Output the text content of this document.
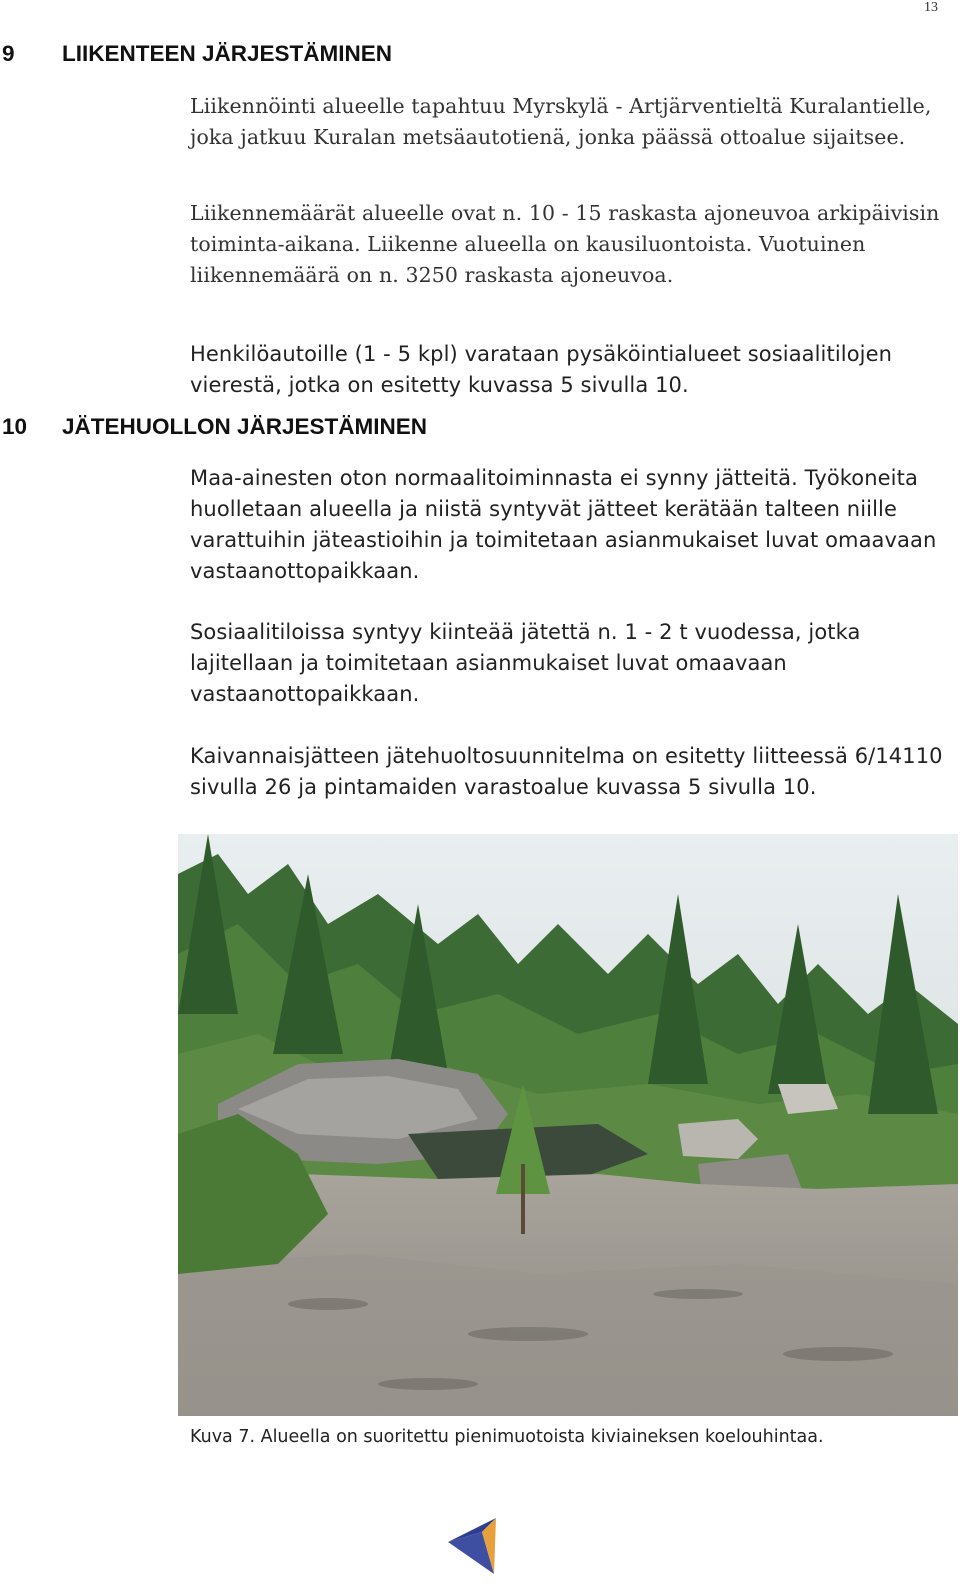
13
9 LIIKENTEEN JÄRJESTÄMINEN

Liikennöinti alueelle tapahtuu Myrskylä - Artjärventieltä Kuralantielle, joka jatkuu Kuralan metsäautotienä, jonka päässä ottoalue sijaitsee.

Liikennemäärät alueelle ovat n. 10 - 15 raskasta ajoneuvoa arkipäivisin toiminta-aikana. Liikenne alueella on kausiluontoista. Vuotuinen liikennemäärä on n. 3250 raskasta ajoneuvoa.

Henkilöautoille (1 - 5 kpl) varataan pysäköintialueet sosiaalitilojen vierestä, jotka on esitetty kuvassa 5 sivulla 10.

10 JÄTEHUOLLON JÄRJESTÄMINEN

Maa-ainesten oton normaalitoiminnasta ei synny jätteitä. Työkoneita huolletaan alueella ja niistä syntyvät jätteet kerätään talteen niille varattuihin jäteastioihin ja toimitetaan asianmukaiset luvat omaavaan vastaanottopaikkaan.

Sosiaalitiloissa syntyy kiinteää jätettä n. 1 - 2 t vuodessa, jotka lajitellaan ja toimitetaan asianmukaiset luvat omaavaan vastaanottopaikkaan.

Kaivannaisjätteen jätehuoltosuunnitelma on esitetty liitteessä 6/14110 sivulla 26 ja pintamaiden varastoalue kuvassa 5 sivulla 10.

Kuva 7. Alueella on suoritettu pienimuotoista kiviaineksen koelouhintaa.
